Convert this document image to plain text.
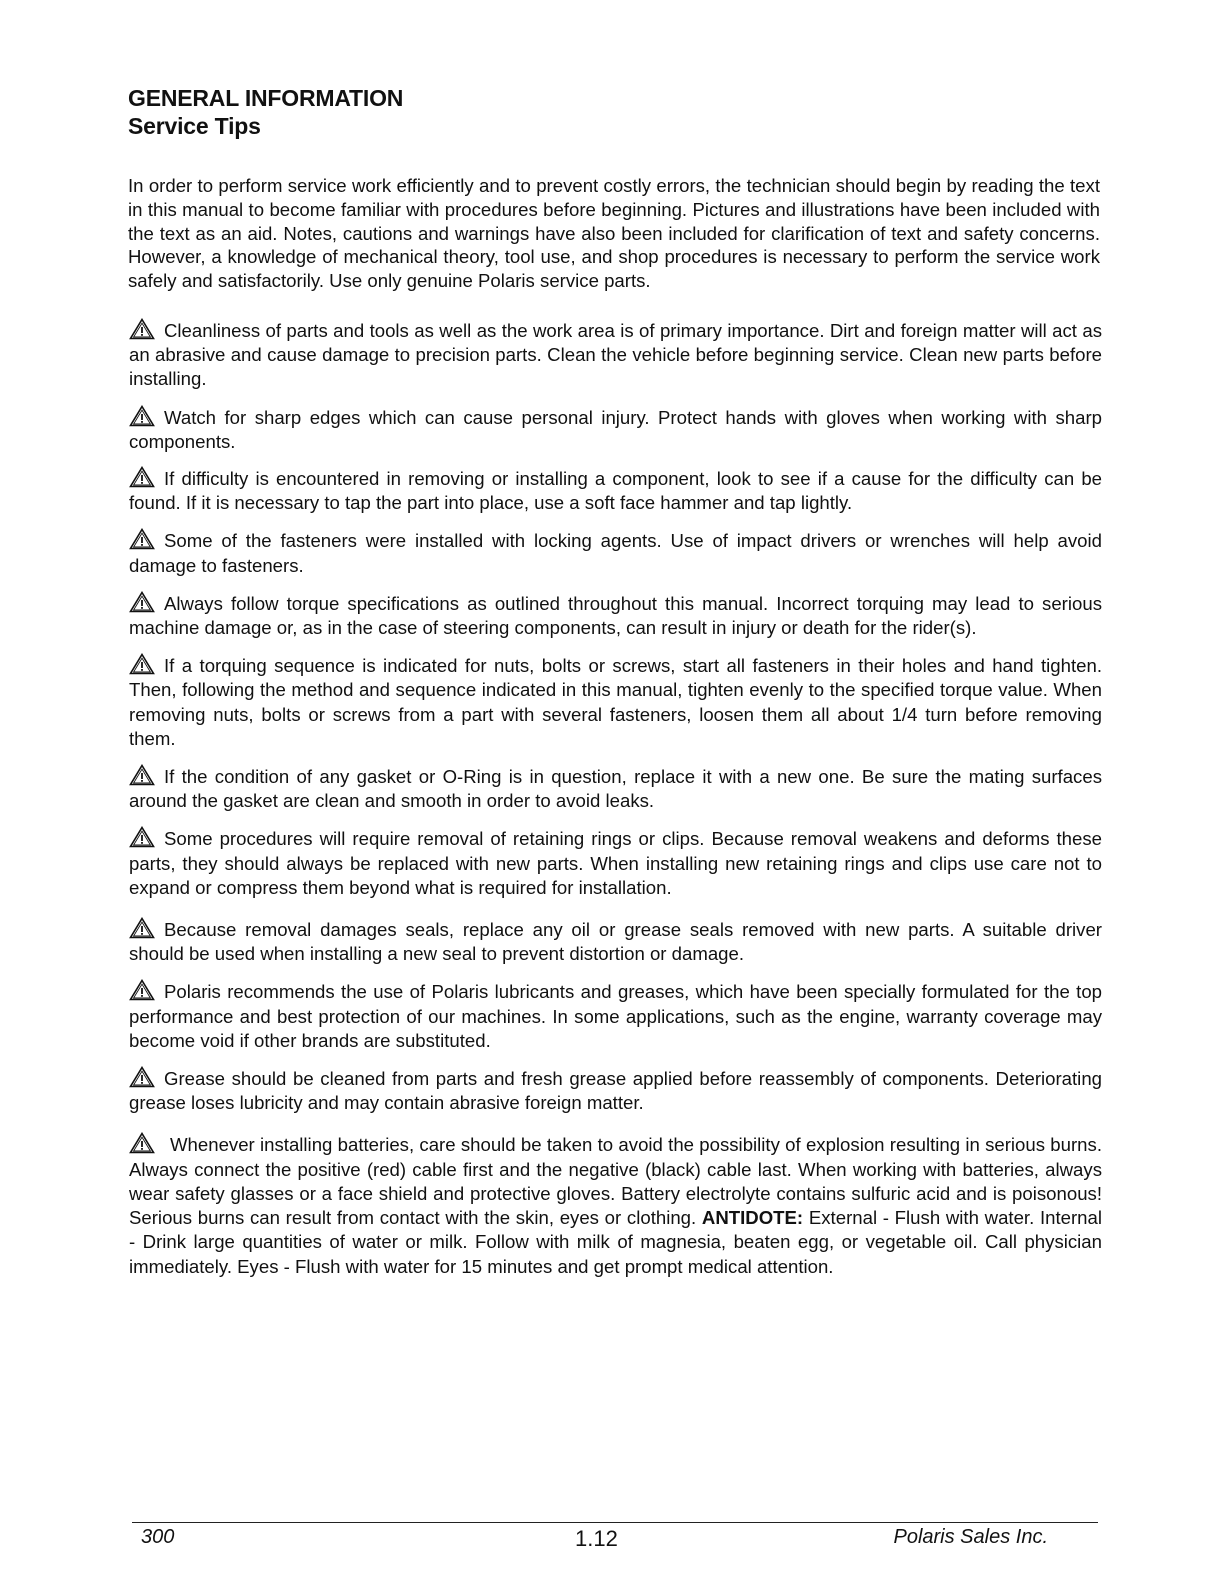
GENERAL INFORMATION
Service Tips

In order to perform service work efficiently and to prevent costly errors, the technician should begin by reading the text in this manual to become familiar with procedures before beginning. Pictures and illustrations have been included with the text as an aid. Notes, cautions and warnings have also been included for clarification of text and safety concerns. However, a knowledge of mechanical theory, tool use, and shop procedures is necessary to perform the service work safely and satisfactorily. Use only genuine Polaris service parts.

Cleanliness of parts and tools as well as the work area is of primary importance. Dirt and foreign matter will act as an abrasive and cause damage to precision parts. Clean the vehicle before beginning service. Clean new parts before installing.
Watch for sharp edges which can cause personal injury. Protect hands with gloves when working with sharp components.
If difficulty is encountered in removing or installing a component, look to see if a cause for the difficulty can be found. If it is necessary to tap the part into place, use a soft face hammer and tap lightly.
Some of the fasteners were installed with locking agents. Use of impact drivers or wrenches will help avoid damage to fasteners.
Always follow torque specifications as outlined throughout this manual. Incorrect torquing may lead to serious machine damage or, as in the case of steering components, can result in injury or death for the rider(s).
If a torquing sequence is indicated for nuts, bolts or screws, start all fasteners in their holes and hand tighten. Then, following the method and sequence indicated in this manual, tighten evenly to the specified torque value. When removing nuts, bolts or screws from a part with several fasteners, loosen them all about 1/4 turn before removing them.
If the condition of any gasket or O-Ring is in question, replace it with a new one. Be sure the mating surfaces around the gasket are clean and smooth in order to avoid leaks.
Some procedures will require removal of retaining rings or clips. Because removal weakens and deforms these parts, they should always be replaced with new parts. When installing new retaining rings and clips use care not to expand or compress them beyond what is required for installation.
Because removal damages seals, replace any oil or grease seals removed with new parts. A suitable driver should be used when installing a new seal to prevent distortion or damage.
Polaris recommends the use of Polaris lubricants and greases, which have been specially formulated for the top performance and best protection of our machines. In some applications, such as the engine, warranty coverage may become void if other brands are substituted.
Grease should be cleaned from parts and fresh grease applied before reassembly of components. Deteriorating grease loses lubricity and may contain abrasive foreign matter.
Whenever installing batteries, care should be taken to avoid the possibility of explosion resulting in serious burns. Always connect the positive (red) cable first and the negative (black) cable last. When working with batteries, always wear safety glasses or a face shield and protective gloves. Battery electrolyte contains sulfuric acid and is poisonous! Serious burns can result from contact with the skin, eyes or clothing. ANTIDOTE: External - Flush with water. Internal - Drink large quantities of water or milk. Follow with milk of magnesia, beaten egg, or vegetable oil. Call physician immediately. Eyes - Flush with water for 15 minutes and get prompt medical attention.
300	1.12	Polaris Sales Inc.
